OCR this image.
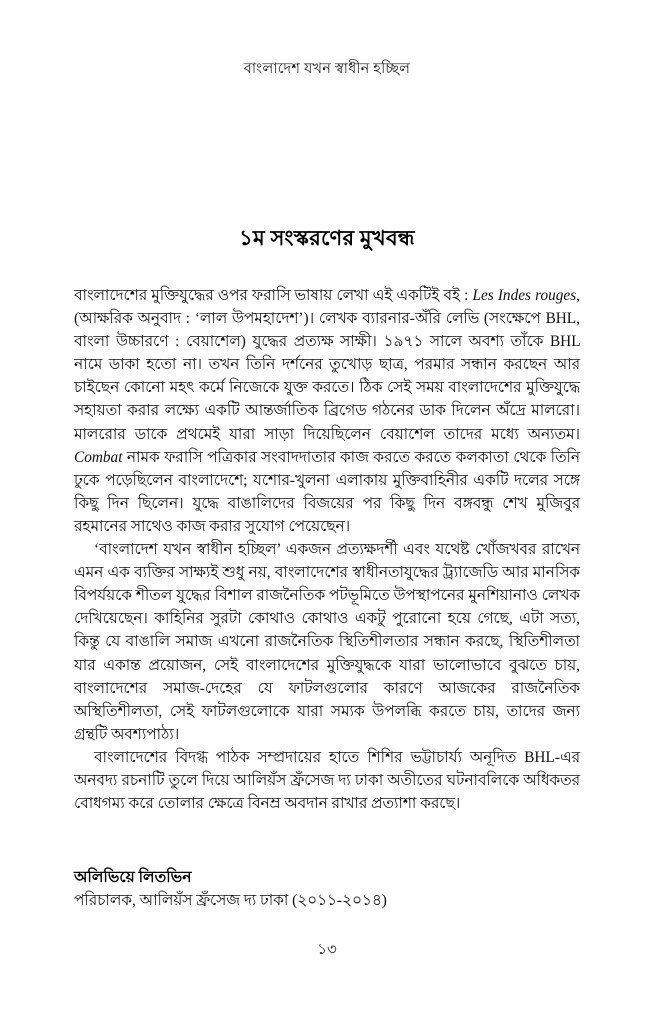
বাংলাদেশ যখন স্বাধীন হচ্ছিল
১ম সংস্করণের মুখবন্ধ

বাংলাদেশের মুক্তিযুদ্ধের ওপর ফরাসি ভাষায় লেখা এই একটিই বই : Les Indes rouges, (আক্ষরিক অনুবাদ : ‘লাল উপমহাদেশ’)। লেখক ব্যারনার-অঁরি লেভি (সংক্ষেপে BHL, বাংলা উচ্চারণে : বেয়াশেল) যুদ্ধের প্রত্যক্ষ সাক্ষী। ১৯৭১ সালে অবশ্য তাঁকে BHL নামে ডাকা হতো না। তখন তিনি দর্শনের তুখোড় ছাত্র, পরমার সন্ধান করছেন আর চাইছেন কোনো মহৎ কর্মে নিজেকে যুক্ত করতে। ঠিক সেই সময় বাংলাদেশের মুক্তিযুদ্ধে সহায়তা করার লক্ষ্যে একটি আন্তর্জাতিক ব্রিগেড গঠনের ডাক দিলেন অঁদ্রে মালরো। মালরোর ডাকে প্রথমেই যারা সাড়া দিয়েছিলেন বেয়াশেল তাদের মধ্যে অন্যতম। Combat নামক ফরাসি পত্রিকার সংবাদদাতার কাজ করতে করতে কলকাতা থেকে তিনি ঢুকে পড়েছিলেন বাংলাদেশে; যশোর-খুলনা এলাকায় মুক্তিবাহিনীর একটি দলের সঙ্গে কিছু দিন ছিলেন। যুদ্ধে বাঙালিদের বিজয়ের পর কিছু দিন বঙ্গবন্ধু শেখ মুজিবুর রহমানের সাথেও কাজ করার সুযোগ পেয়েছেন।

‘বাংলাদেশ যখন স্বাধীন হচ্ছিল’ একজন প্রত্যক্ষদর্শী এবং যথেষ্ট খোঁজখবর রাখেন এমন এক ব্যক্তির সাক্ষ্যই শুধু নয়, বাংলাদেশের স্বাধীনতাযুদ্ধের ট্র্যাজেডি আর মানসিক বিপর্যয়কে শীতল যুদ্ধের বিশাল রাজনৈতিক পটভূমিতে উপস্থাপনের মুনশিয়ানাও লেখক দেখিয়েছেন। কাহিনির সুরটা কোথাও কোথাও একটু পুরোনো হয়ে গেছে, এটা সত্য, কিন্তু যে বাঙালি সমাজ এখনো রাজনৈতিক স্থিতিশীলতার সন্ধান করছে, স্থিতিশীলতা যার একান্ত প্রয়োজন, সেই বাংলাদেশের মুক্তিযুদ্ধকে যারা ভালোভাবে বুঝতে চায়, বাংলাদেশের সমাজ-দেহের যে ফাটলগুলোর কারণে আজকের রাজনৈতিক অস্থিতিশীলতা, সেই ফাটলগুলোকে যারা সম্যক উপলব্ধি করতে চায়, তাদের জন্য গ্রন্থটি অবশ্যপাঠ্য।

বাংলাদেশের বিদগ্ধ পাঠক সম্প্রদায়ের হাতে শিশির ভট্টাচার্য্য অনূদিত BHL-এর অনবদ্য রচনাটি তুলে দিয়ে আলিয়ঁস ফ্রঁসেজ দ্য ঢাকা অতীতের ঘটনাবলিকে অধিকতর বোধগম্য করে তোলার ক্ষেত্রে বিনম্র অবদান রাখার প্রত্যাশা করছে।

অলিভিয়ে লিতভিন
পরিচালক, আলিয়ঁস ফ্রঁসেজ দ্য ঢাকা (২০১১-২০১৪)
১৩
